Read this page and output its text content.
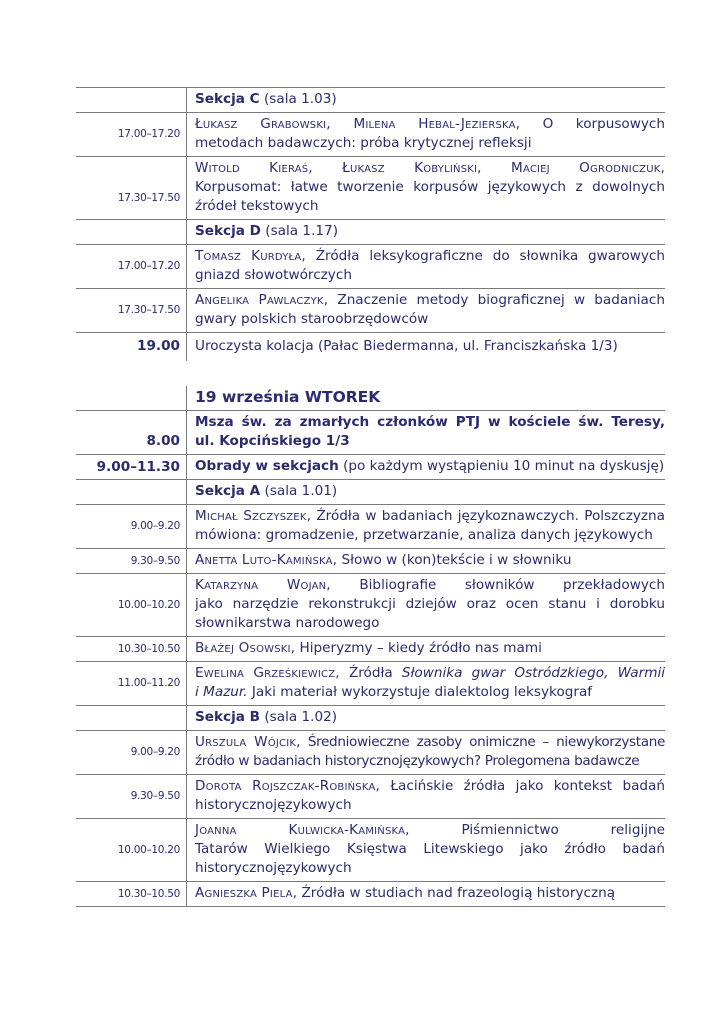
	Sekcja C (sala 1.03)
17.00–17.20	Łukasz Grabowski, Milena Hebal-Jezierska, O korpusowych
metodach badawczych: próba krytycznej refleksji

17.30–17.50	Witold Kieraś, Łukasz Kobyliński, Maciej Ogrodniczuk,
Korpusomat: łatwe tworzenie korpusów językowych z dowolnych
źródeł tekstowych

	Sekcja D (sala 1.17)
17.00–17.20	Tomasz Kurdyła, Źródła leksykograficzne do słownika gwarowych
gniazd słowotwórczych

17.30–17.50	Angelika Pawlaczyk, Znaczenie metody biograficznej w badaniach
gwary polskich staroobrzędowców

19.00	Uroczysta kolacja (Pałac Biedermanna, ul. Franciszkańska 1/3)
	19 września WTOREK
8.00	Msza św. za zmarłych członków PTJ w kościele św. Teresy,
ul. Kopcińskiego 1/3

9.00–11.30	Obrady w sekcjach (po każdym wystąpieniu 10 minut na dyskusję)
	Sekcja A (sala 1.01)
9.00–9.20	Michał Szczyszek, Źródła w badaniach językoznawczych. Polszczyzna
mówiona: gromadzenie, przetwarzanie, analiza danych językowych

9.30–9.50	Anetta Luto-Kamińska, Słowo w (kon)tekście i w słowniku
10.00–10.20	Katarzyna Wojan, Bibliografie słowników przekładowych
jako narzędzie rekonstrukcji dziejów oraz ocen stanu i dorobku
słownikarstwa narodowego

10.30–10.50	Błażej Osowski, Hiperyzmy – kiedy źródło nas mami
11.00–11.20	Ewelina Grześkiewicz, Źródła Słownika gwar Ostródzkiego, Warmii
i Mazur. Jaki materiał wykorzystuje dialektolog leksykograf

	Sekcja B (sala 1.02)
9.00–9.20	Urszula Wójcik, Średniowieczne zasoby onimiczne – niewykorzystane
źródło w badaniach historycznojęzykowych? Prolegomena badawcze

9.30–9.50	Dorota Rojszczak-Robińska, Łacińskie źródła jako kontekst badań
historycznojęzykowych

10.00–10.20	Joanna Kulwicka-Kamińska, Piśmiennictwo religijne
Tatarów Wielkiego Księstwa Litewskiego jako źródło badań
historycznojęzykowych

10.30–10.50	Agnieszka Piela, Źródła w studiach nad frazeologią historyczną
